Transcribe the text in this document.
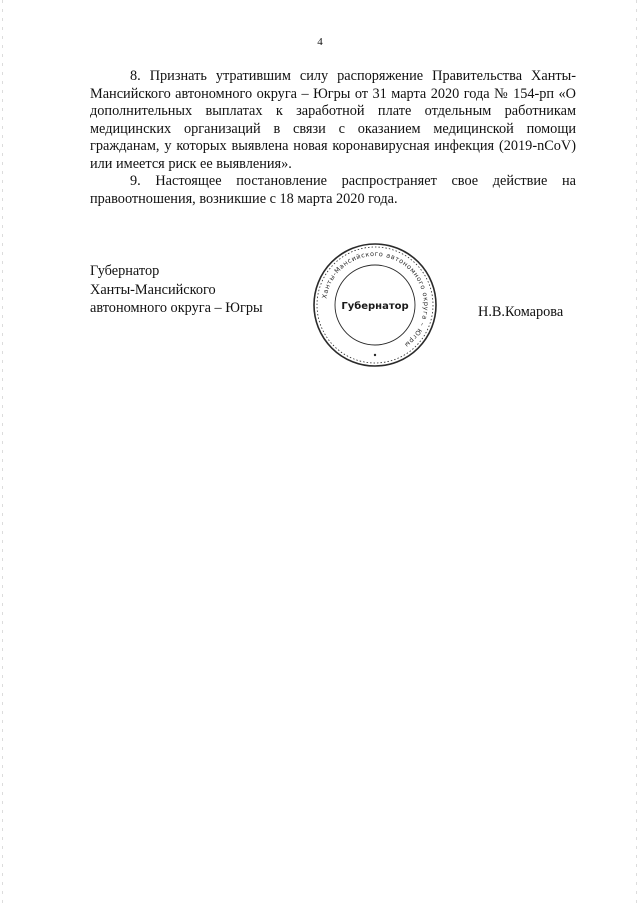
4

8. Признать утратившим силу распоряжение Правительства Ханты-Мансийского автономного округа – Югры от 31 марта 2020 года № 154-рп «О дополнительных выплатах к заработной плате отдельным работникам медицинских организаций в связи с оказанием медицинской помощи гражданам, у которых выявлена новая коронавирусная инфекция (2019-nCoV) или имеется риск ее выявления».

9. Настоящее постановление распространяет свое действие на правоотношения, возникшие с 18 марта 2020 года.

Губернатор
Ханты-Мансийского
автономного округа – Югры
Ханты-Мансийского автономного округа – Югры
Губернатор	Н.В.Комарова
